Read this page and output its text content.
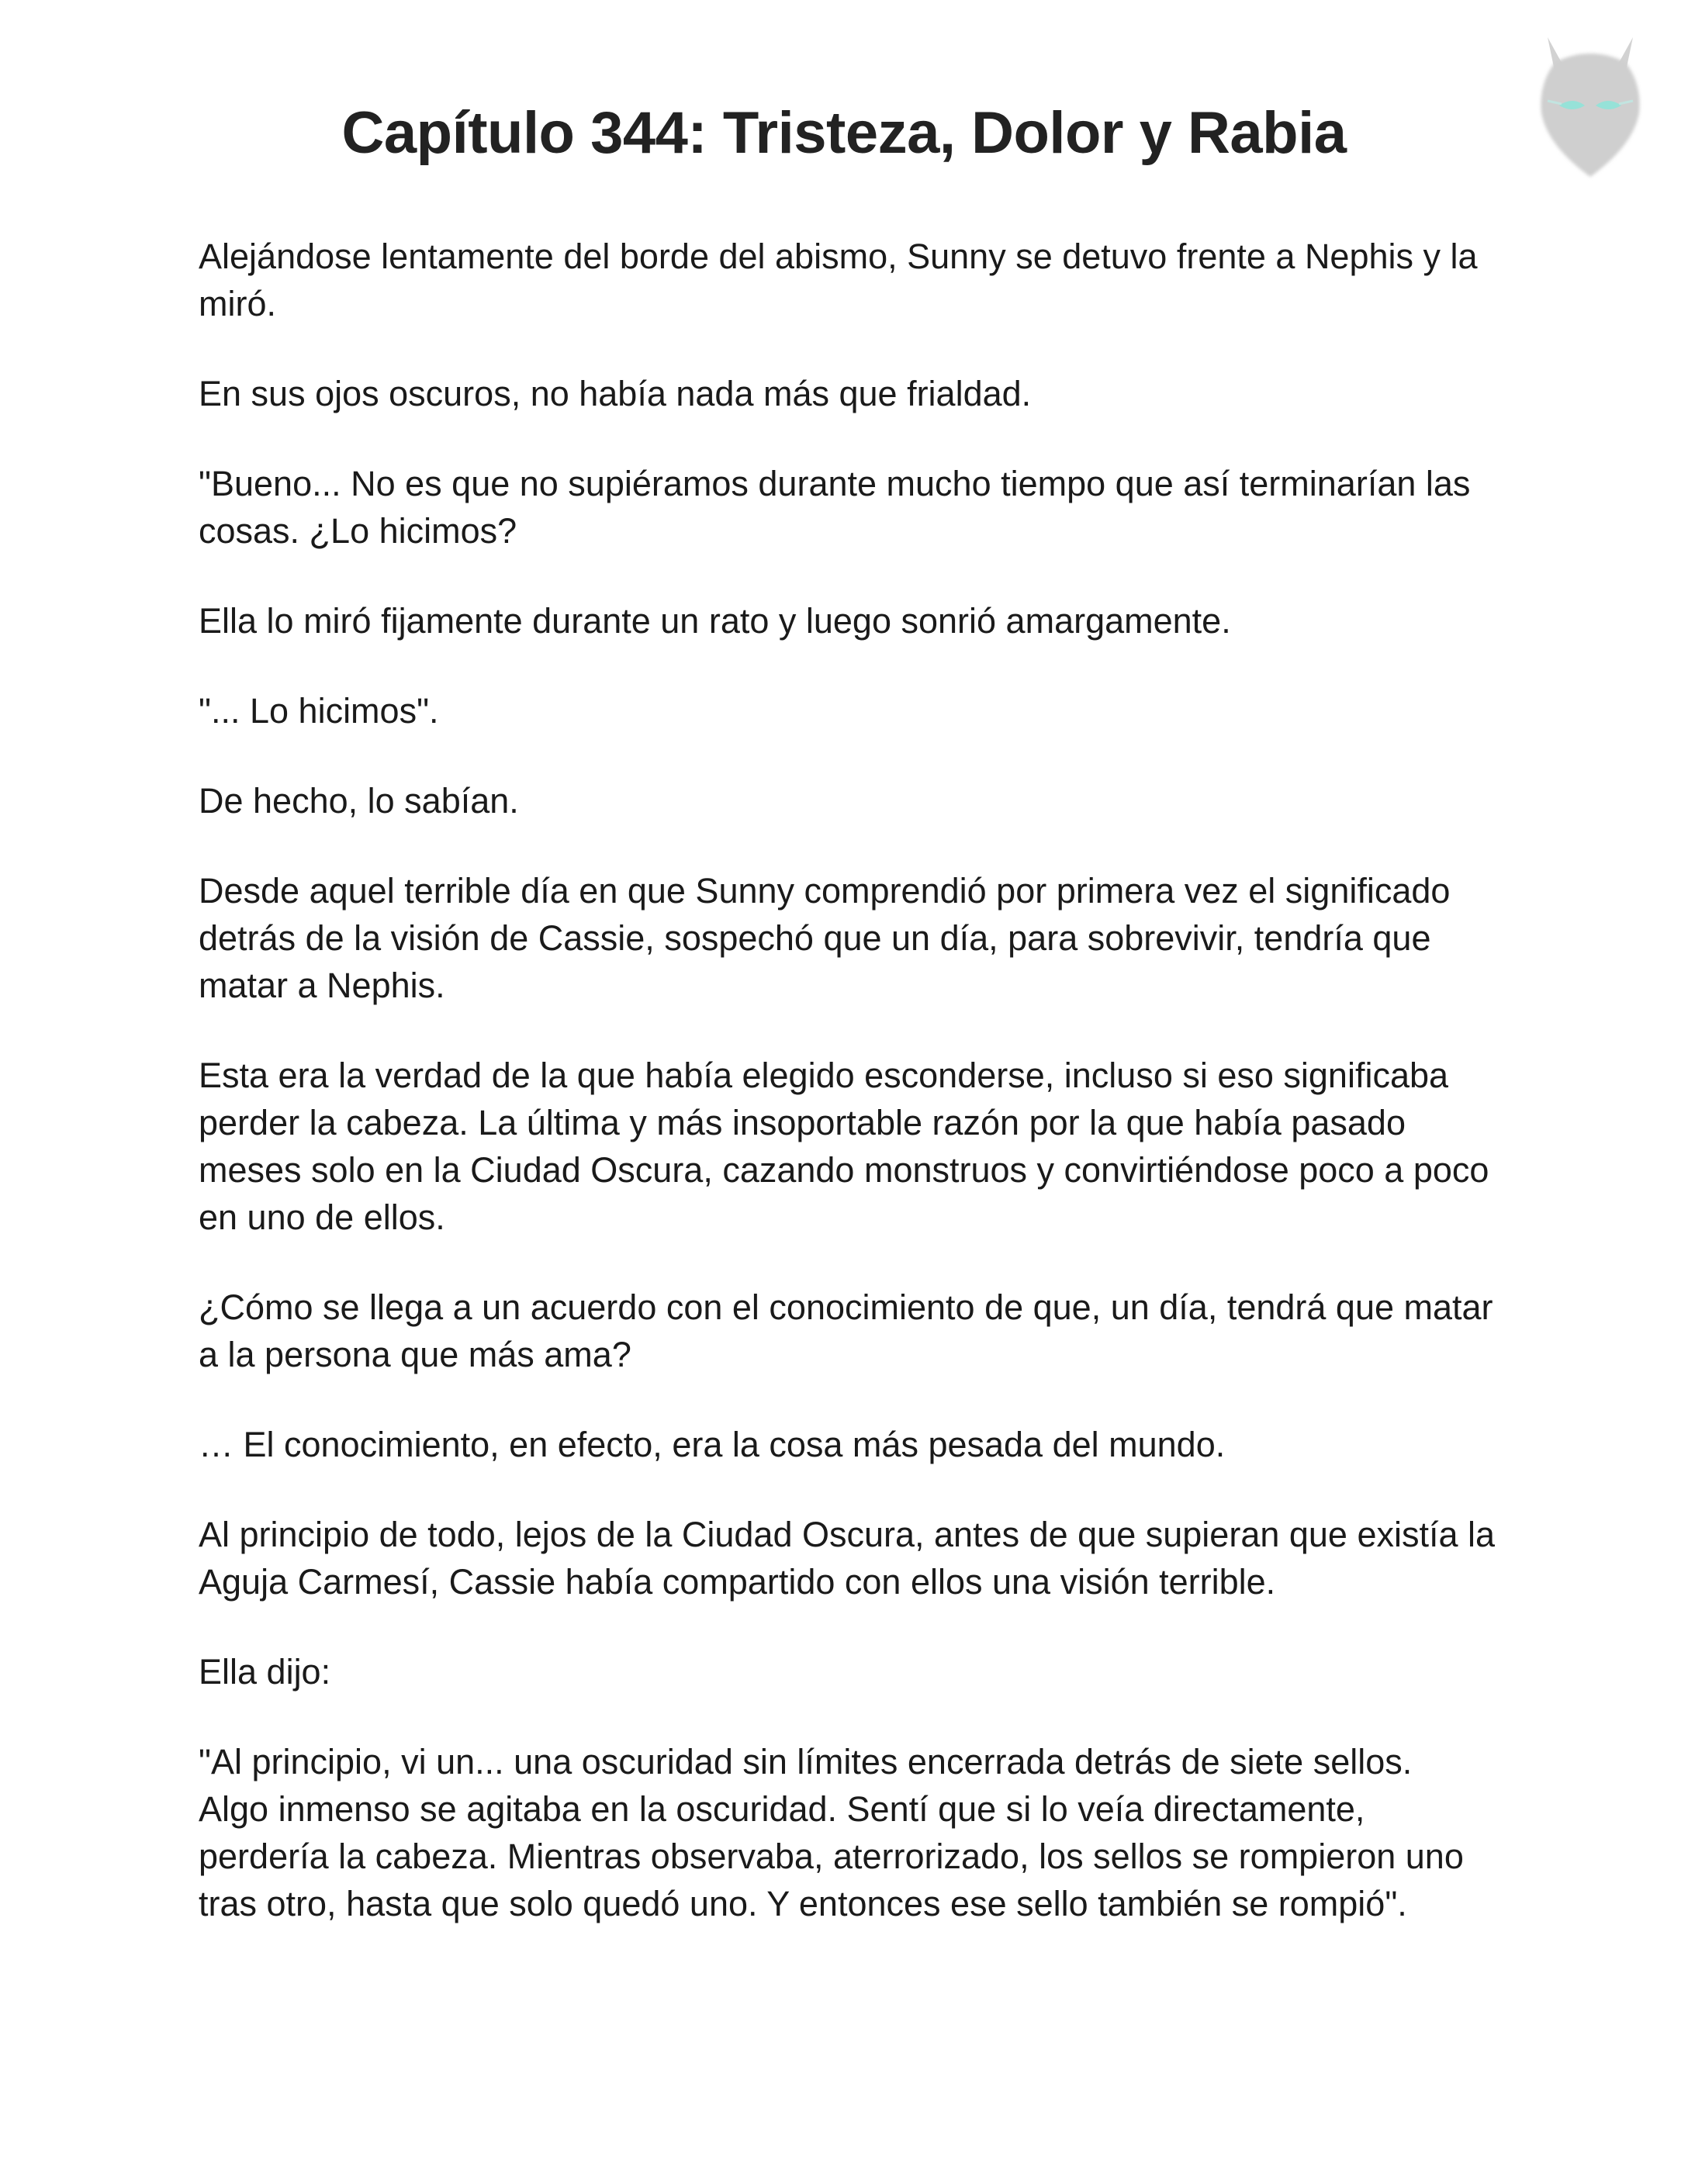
Capítulo 344: Tristeza, Dolor y Rabia

Alejándose lentamente del borde del abismo, Sunny se detuvo frente a Nephis y la miró.

En sus ojos oscuros, no había nada más que frialdad.

"Bueno... No es que no supiéramos durante mucho tiempo que así terminarían las cosas. ¿Lo hicimos?

Ella lo miró fijamente durante un rato y luego sonrió amargamente.

"... Lo hicimos".

De hecho, lo sabían.

Desde aquel terrible día en que Sunny comprendió por primera vez el significado detrás de la visión de Cassie, sospechó que un día, para sobrevivir, tendría que matar a Nephis.

Esta era la verdad de la que había elegido esconderse, incluso si eso significaba perder la cabeza. La última y más insoportable razón por la que había pasado meses solo en la Ciudad Oscura, cazando monstruos y convirtiéndose poco a poco en uno de ellos.

¿Cómo se llega a un acuerdo con el conocimiento de que, un día, tendrá que matar a la persona que más ama?

… El conocimiento, en efecto, era la cosa más pesada del mundo.

Al principio de todo, lejos de la Ciudad Oscura, antes de que supieran que existía la Aguja Carmesí, Cassie había compartido con ellos una visión terrible.

Ella dijo:

"Al principio, vi un... una oscuridad sin límites encerrada detrás de siete sellos.

Algo inmenso se agitaba en la oscuridad. Sentí que si lo veía directamente, perdería la cabeza. Mientras observaba, aterrorizado, los sellos se rompieron uno tras otro, hasta que solo quedó uno. Y entonces ese sello también se rompió".
